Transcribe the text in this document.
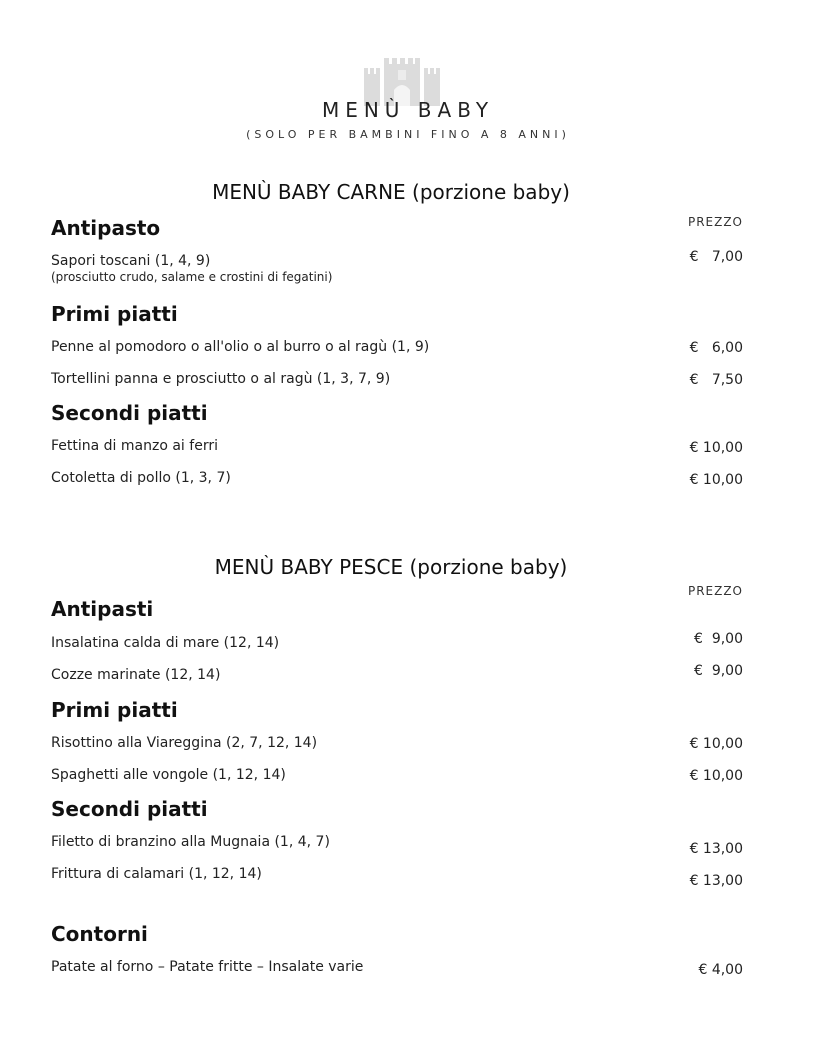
MENÙ BABY
(SOLO PER BAMBINI FINO A 8 ANNI)
MENÙ BABY CARNE (porzione baby)
PREZZO
Antipasto
Sapori toscani (1, 4, 9)
(prosciutto crudo, salame e crostini di fegatini)
€   7,00
Primi piatti
Penne al pomodoro o all'olio o al burro o al ragù (1, 9)	€   6,00
Tortellini panna e prosciutto o al ragù (1, 3, 7, 9)	€   7,50
Secondi piatti
Fettina di manzo ai ferri	€ 10,00
Cotoletta di pollo (1, 3, 7)	€ 10,00
MENÙ BABY PESCE (porzione baby)
PREZZO
Antipasti
Insalatina calda di mare (12, 14)	€  9,00
Cozze marinate (12, 14)	€  9,00
Primi piatti
Risottino alla Viareggina (2, 7, 12, 14)	€ 10,00
Spaghetti alle vongole (1, 12, 14)	€ 10,00
Secondi piatti
Filetto di branzino alla Mugnaia (1, 4, 7)	€ 13,00
Frittura di calamari (1, 12, 14)	€ 13,00
Contorni
Patate al forno – Patate fritte – Insalate varie	€ 4,00
